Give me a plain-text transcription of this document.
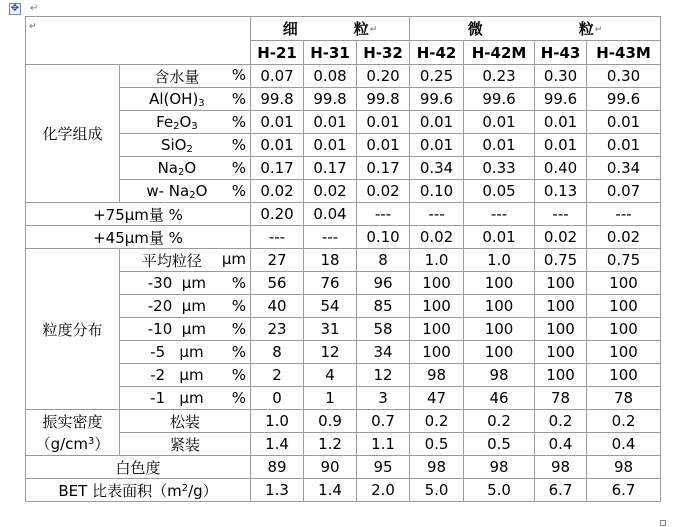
✥ ↵
↵		细 粒↵			微 粒↵			
		H-21	H-31	H-32	H-42	H-42M	H-43	H-43M
化学组成	含水量 %	0.07	0.08	0.20	0.25	0.23	0.30	0.30
	$Al(OH)_3$ %	99.8	99.8	99.8	99.6	99.6	99.6	99.6
	$Fe_2O_3$ %	0.01	0.01	0.01	0.01	0.01	0.01	0.01
	SiO$_2$ %	0.01	0.01	0.01	0.01	0.01	0.01	0.01
	$Na_2O$ %	0.17	0.17	0.17	0.34	0.33	0.40	0.34
	w- $Na_2O$ %	0.02	0.02	0.02	0.10	0.05	0.13	0.07
+75μm量 %		0.20	0.04	---	---	---	---	---
+45μm量 %		---	---	0.10	0.02	0.01	0.02	0.02
粒度分布	平均粒径 μm	27	18	8	1.0	1.0	0.75	0.75
	-30  μm %	56	76	96	100	100	100	100
	-20  μm %	40	54	85	100	100	100	100
	-10  μm %	23	31	58	100	100	100	100
	-5   μm %	8	12	34	100	100	100	100
	-2   μm %	2	4	12	98	98	100	100
	-1   μm %	0	1	3	47	46	78	78

振实密度
$(g/cm^3)$	松装	1.0	0.9	0.7	0.2	0.2	0.2	0.2
	紧装	1.4	1.2	1.1	0.5	0.5	0.4	0.4
白色度		89	90	95	98	98	98	98
BET 比表面积$(m^2/g)$		1.3	1.4	2.0	5.0	5.0	6.7	6.7
